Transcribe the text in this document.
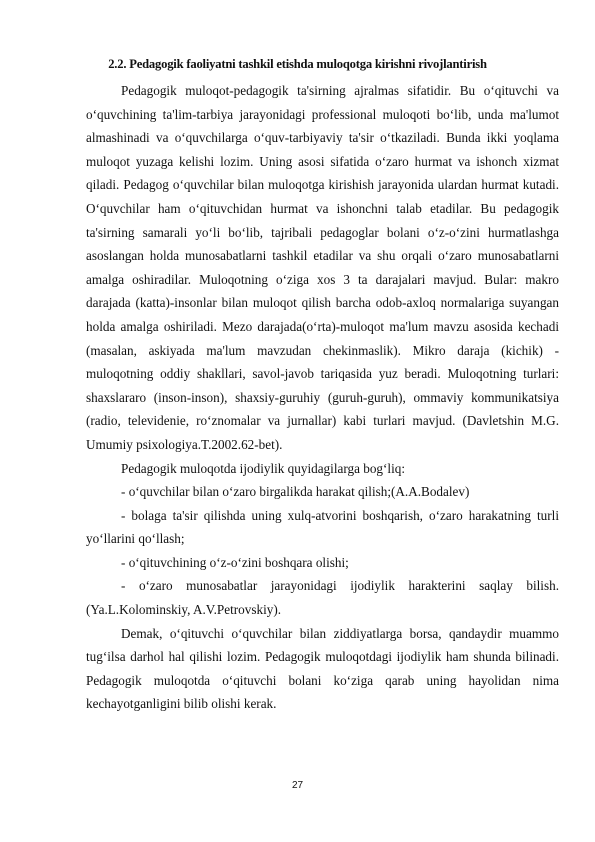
2.2. Pedagogik faoliyatni tashkil etishda muloqotga kirishni rivojlantirish

Pedagogik muloqot-pedagogik ta'sirning ajralmas sifatidir. Bu o‘qituvchi va o‘quvchining ta'lim-tarbiya jarayonidagi professional muloqoti bo‘lib, unda ma'lumot almashinadi va o‘quvchilarga o‘quv-tarbiyaviy ta'sir o‘tkaziladi. Bunda ikki yoqlama muloqot yuzaga kelishi lozim. Uning asosi sifatida o‘zaro hurmat va ishonch xizmat qiladi. Pedagog o‘quvchilar bilan muloqotga kirishish jarayonida ulardan hurmat kutadi. O‘quvchilar ham o‘qituvchidan hurmat va ishonchni talab etadilar. Bu pedagogik ta'sirning samarali yo‘li bo‘lib, tajribali pedagoglar bolani o‘z-o‘zini hurmatlashga asoslangan holda munosabatlarni tashkil etadilar va shu orqali o‘zaro munosabatlarni amalga oshiradilar. Muloqotning o‘ziga xos 3 ta darajalari mavjud. Bular: makro darajada (katta)-insonlar bilan muloqot qilish barcha odob-axloq normalariga suyangan holda amalga oshiriladi. Mezo darajada(o‘rta)-muloqot ma'lum mavzu asosida kechadi (masalan, askiyada ma'lum mavzudan chekinmaslik). Mikro daraja (kichik) -muloqotning oddiy shakllari, savol-javob tariqasida yuz beradi. Muloqotning turlari: shaxslararo (inson-inson), shaxsiy-guruhiy (guruh-guruh), ommaviy kommunikatsiya (radio, televidenie, ro‘znomalar va jurnallar) kabi turlari mavjud. (Davletshin M.G. Umumiy psixologiya.T.2002.62-bet).

Pedagogik muloqotda ijodiylik quyidagilarga bog‘liq:

- o‘quvchilar bilan o‘zaro birgalikda harakat qilish;(A.A.Bodalev)

- bolaga ta'sir qilishda uning xulq-atvorini boshqarish, o‘zaro harakatning turli yo‘llarini qo‘llash;

- o‘qituvchining o‘z-o‘zini boshqara olishi;

- o‘zaro munosabatlar jarayonidagi ijodiylik harakterini saqlay bilish. (Ya.L.Kolominskiy, A.V.Petrovskiy).

Demak, o‘qituvchi o‘quvchilar bilan ziddiyatlarga borsa, qandaydir muammo tug‘ilsa darhol hal qilishi lozim. Pedagogik muloqotdagi ijodiylik ham shunda bilinadi. Pedagogik muloqotda o‘qituvchi bolani ko‘ziga qarab uning hayolidan nima kechayotganligini bilib olishi kerak.

27
